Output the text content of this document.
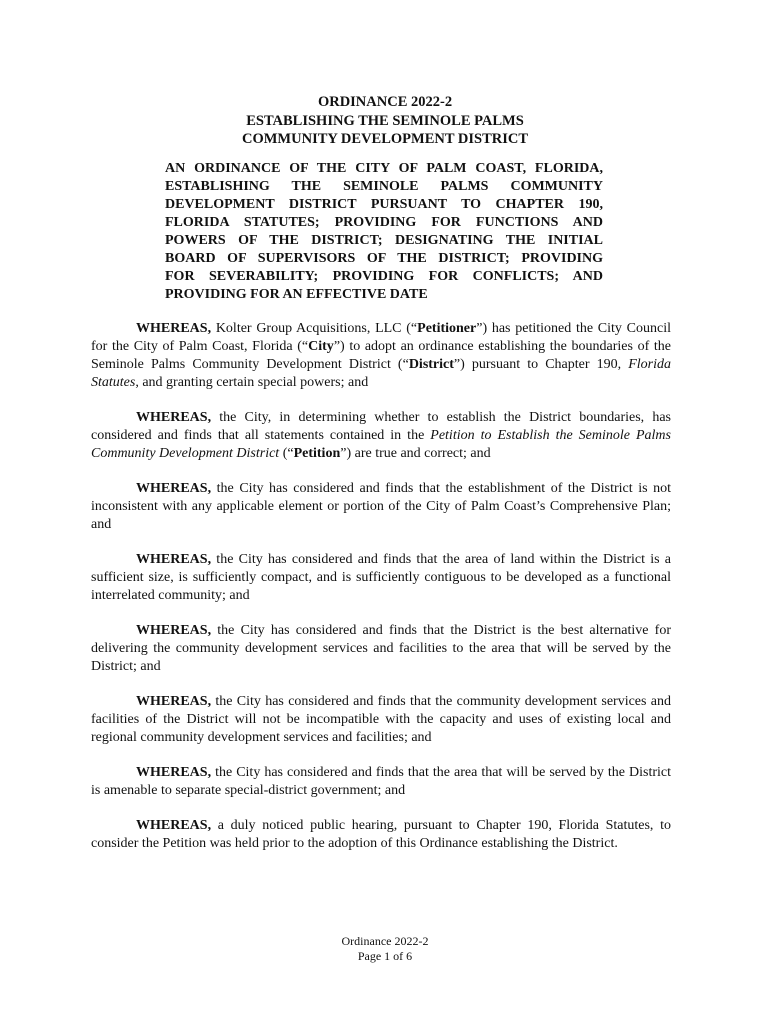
ORDINANCE 2022-2
ESTABLISHING THE SEMINOLE PALMS
COMMUNITY DEVELOPMENT DISTRICT
AN ORDINANCE OF THE CITY OF PALM COAST, FLORIDA,
ESTABLISHING THE SEMINOLE PALMS COMMUNITY
DEVELOPMENT DISTRICT PURSUANT TO CHAPTER 190,
FLORIDA STATUTES; PROVIDING FOR FUNCTIONS AND
POWERS OF THE DISTRICT; DESIGNATING THE INITIAL
BOARD OF SUPERVISORS OF THE DISTRICT; PROVIDING
FOR SEVERABILITY; PROVIDING FOR CONFLICTS; AND
PROVIDING FOR AN EFFECTIVE DATE

WHEREAS, Kolter Group Acquisitions, LLC (“Petitioner”) has petitioned the City Council for the City of Palm Coast, Florida (“City”) to adopt an ordinance establishing the boundaries of the Seminole Palms Community Development District (“District”) pursuant to Chapter 190, Florida Statutes, and granting certain special powers; and

WHEREAS, the City, in determining whether to establish the District boundaries, has considered and finds that all statements contained in the Petition to Establish the Seminole Palms Community Development District (“Petition”) are true and correct; and

WHEREAS, the City has considered and finds that the establishment of the District is not inconsistent with any applicable element or portion of the City of Palm Coast’s Comprehensive Plan; and

WHEREAS, the City has considered and finds that the area of land within the District is a sufficient size, is sufficiently compact, and is sufficiently contiguous to be developed as a functional interrelated community; and

WHEREAS, the City has considered and finds that the District is the best alternative for delivering the community development services and facilities to the area that will be served by the District; and

WHEREAS, the City has considered and finds that the community development services and facilities of the District will not be incompatible with the capacity and uses of existing local and regional community development services and facilities; and

WHEREAS, the City has considered and finds that the area that will be served by the District is amenable to separate special-district government; and

WHEREAS, a duly noticed public hearing, pursuant to Chapter 190, Florida Statutes, to consider the Petition was held prior to the adoption of this Ordinance establishing the District.

Ordinance 2022-2
Page 1 of 6
